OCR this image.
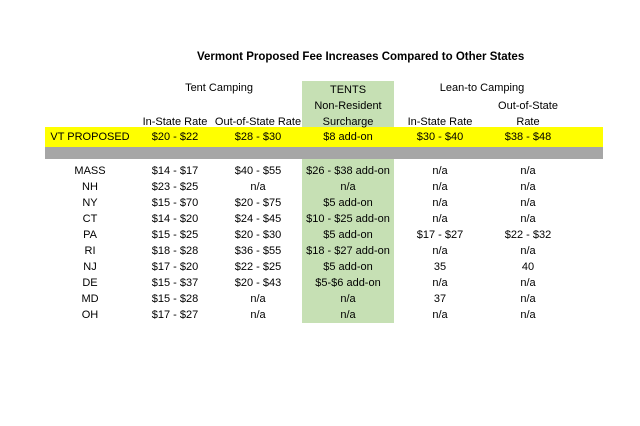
Vermont Proposed Fee Increases Compared to Other States
Tent Camping	TENTS
Non-Resident
Lean-to Camping
Out-of-State
In-State Rate Out-of-State Rate	Surcharge	In-State Rate	Rate
VT PROPOSED	$20 - $22	$28 - $30	$8 add-on	$30 - $40	$38 - $48
MASS	$14 - $17	$40 - $55	$26 - $38 add-on	n/a	n/a
NH	$23 - $25	n/a	n/a	n/a	n/a
NY	$15 - $70	$20 - $75	$5 add-on	n/a	n/a
CT	$14 - $20	$24 - $45	$10 - $25 add-on	n/a	n/a
PA	$15 - $25	$20 - $30	$5 add-on	$17 - $27	$22 - $32
RI	$18 - $28	$36 - $55	$18 - $27 add-on	n/a	n/a
NJ	$17 - $20	$22 - $25	$5 add-on	35	40
DE	$15 - $37	$20 - $43	$5-$6 add-on	n/a	n/a
MD	$15 - $28	n/a	n/a	37	n/a
OH	$17 - $27	n/a	n/a	n/a	n/a
